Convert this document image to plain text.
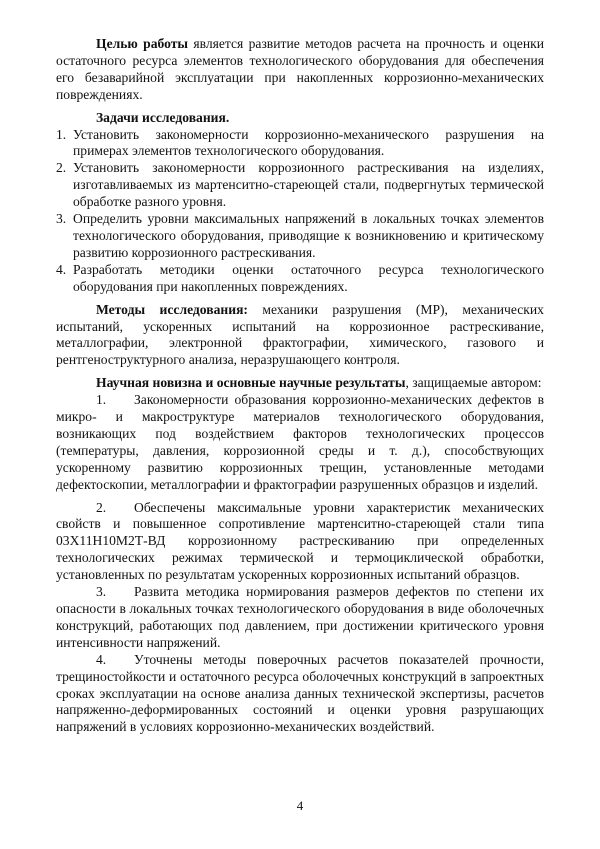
Целью работы является развитие методов расчета на прочность и оценки остаточного ресурса элементов технологического оборудования для обеспечения его безаварийной эксплуатации при накопленных коррозионно-механических повреждениях.

Задачи исследования.

1. Установить закономерности коррозионно-механического разрушения на примерах элементов технологического оборудования.
2. Установить закономерности коррозионного растрескивания на изделиях, изготавливаемых из мартенситно-стареющей стали, подвергнутых термической обработке разного уровня.
3. Определить уровни максимальных напряжений в локальных точках элементов технологического оборудования, приводящие к возникновению и критическому развитию коррозионного растрескивания.
4. Разработать методики оценки остаточного ресурса технологического оборудования при накопленных повреждениях.

Методы исследования: механики разрушения (МР), механических испытаний, ускоренных испытаний на коррозионное растрескивание, металлографии, электронной фрактографии, химического, газового и рентгеноструктурного анализа, неразрушающего контроля.

Научная новизна и основные научные результаты, защищаемые автором:

1. Закономерности образования коррозионно-механических дефектов в микро- и макроструктуре материалов технологического оборудования, возникающих под воздействием факторов технологических процессов (температуры, давления, коррозионной среды и т. д.), способствующих ускоренному развитию коррозионных трещин, установленные методами дефектоскопии, металлографии и фрактографии разрушенных образцов и изделий.

2. Обеспечены максимальные уровни характеристик механических свойств и повышенное сопротивление мартенситно-стареющей стали типа 03Х11Н10М2Т-ВД коррозионному растрескиванию при определенных технологических режимах термической и термоциклической обработки, установленных по результатам ускоренных коррозионных испытаний образцов.

3. Развита методика нормирования размеров дефектов по степени их опасности в локальных точках технологического оборудования в виде оболочечных конструкций, работающих под давлением, при достижении критического уровня интенсивности напряжений.

4. Уточнены методы поверочных расчетов показателей прочности, трещиностойкости и остаточного ресурса оболочечных конструкций в запроектных сроках эксплуатации на основе анализа данных технической экспертизы, расчетов напряженно-деформированных состояний и оценки уровня разрушающих напряжений в условиях коррозионно-механических воздействий.

4
